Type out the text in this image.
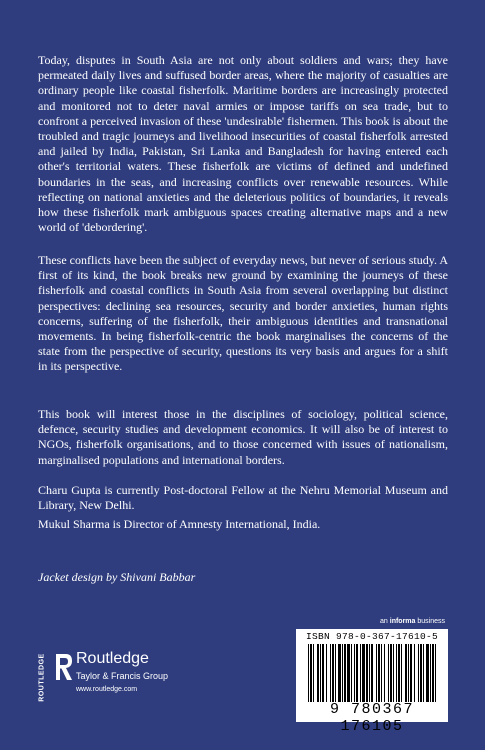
Today, disputes in South Asia are not only about soldiers and wars; they have permeated daily lives and suffused border areas, where the majority of casualties are ordinary people like coastal fisherfolk. Maritime borders are increasingly protected and monitored not to deter naval armies or impose tariffs on sea trade, but to confront a perceived invasion of these 'undesirable' fishermen. This book is about the troubled and tragic journeys and livelihood insecurities of coastal fisherfolk arrested and jailed by India, Pakistan, Sri Lanka and Bangladesh for having entered each other's territorial waters. These fisherfolk are victims of defined and undefined boundaries in the seas, and increasing conflicts over renewable resources. While reflecting on national anxieties and the deleterious politics of boundaries, it reveals how these fisherfolk mark ambiguous spaces creating alternative maps and a new world of 'debordering'.

These conflicts have been the subject of everyday news, but never of serious study. A first of its kind, the book breaks new ground by examining the journeys of these fisherfolk and coastal conflicts in South Asia from several overlapping but distinct perspectives: declining sea resources, security and border anxieties, human rights concerns, suffering of the fisherfolk, their ambiguous identities and transnational movements. In being fisherfolk-centric the book marginalises the concerns of the state from the perspective of security, questions its very basis and argues for a shift in its perspective.

This book will interest those in the disciplines of sociology, political science, defence, security studies and development economics. It will also be of interest to NGOs, fisherfolk organisations, and to those concerned with issues of nationalism, marginalised populations and international borders.

Charu Gupta is currently Post-doctoral Fellow at the Nehru Memorial Museum and Library, New Delhi.

Mukul Sharma is Director of Amnesty International, India.

Jacket design by Shivani Babbar
an informa business
ISBN 978-0-367-17610-5
9 780367 176105
ROUTLEDGE Routledge
Taylor & Francis Group
www.routledge.com
